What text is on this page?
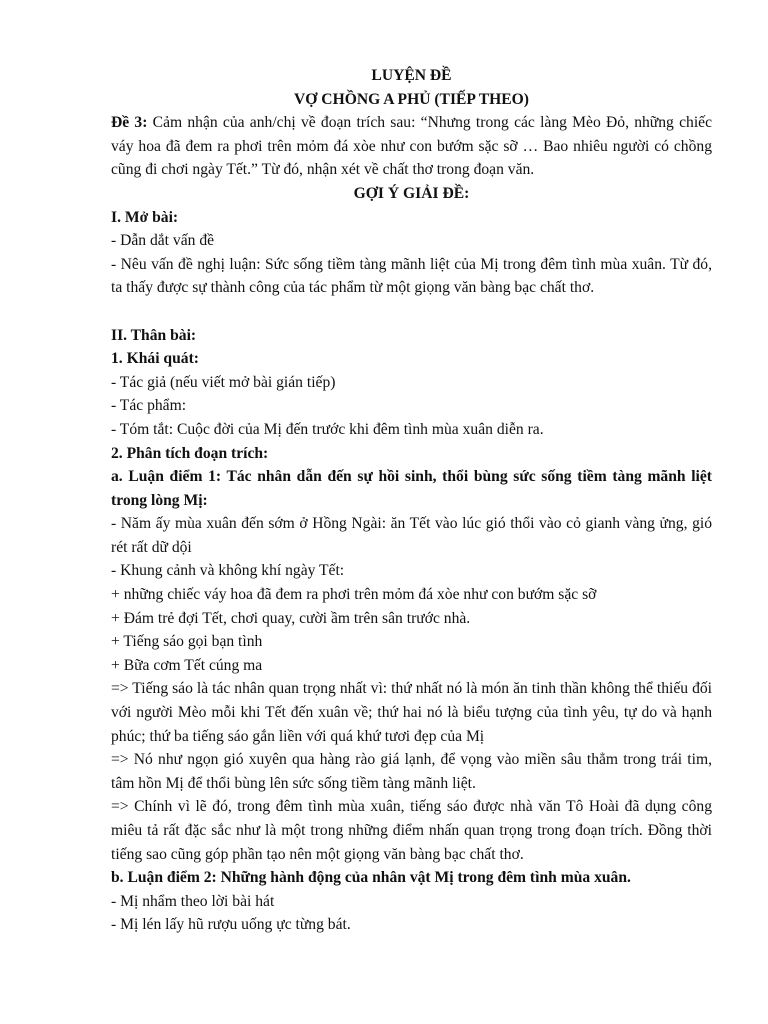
LUYỆN ĐỀ
VỢ CHỒNG A PHỦ (TIẾP THEO)

Đề 3: Cảm nhận của anh/chị về đoạn trích sau: “Nhưng trong các làng Mèo Đỏ, những chiếc váy hoa đã đem ra phơi trên mỏm đá xòe như con bướm sặc sỡ … Bao nhiêu người có chồng cũng đi chơi ngày Tết.” Từ đó, nhận xét về chất thơ trong đoạn văn.

GỢI Ý GIẢI ĐỀ:

I. Mở bài:

- Dẫn dắt vấn đề

- Nêu vấn đề nghị luận: Sức sống tiềm tàng mãnh liệt của Mị trong đêm tình mùa xuân. Từ đó, ta thấy được sự thành công của tác phẩm từ một giọng văn bàng bạc chất thơ.

II. Thân bài:

1. Khái quát:

- Tác giả (nếu viết mở bài gián tiếp)

- Tác phẩm:

- Tóm tắt: Cuộc đời của Mị đến trước khi đêm tình mùa xuân diễn ra.

2. Phân tích đoạn trích:

a. Luận điểm 1: Tác nhân dẫn đến sự hồi sinh, thổi bùng sức sống tiềm tàng mãnh liệt trong lòng Mị:

- Năm ấy mùa xuân đến sớm ở Hồng Ngài: ăn Tết vào lúc gió thổi vào cỏ gianh vàng ửng, gió rét rất dữ dội

- Khung cảnh và không khí ngày Tết:

+ những chiếc váy hoa đã đem ra phơi trên mỏm đá xòe như con bướm sặc sỡ

+ Đám trẻ đợi Tết, chơi quay, cười ầm trên sân trước nhà.

+ Tiếng sáo gọi bạn tình

+ Bữa cơm Tết cúng ma

=> Tiếng sáo là tác nhân quan trọng nhất vì: thứ nhất nó là món ăn tinh thần không thể thiếu đối với người Mèo mỗi khi Tết đến xuân về; thứ hai nó là biểu tượng của tình yêu, tự do và hạnh phúc; thứ ba tiếng sáo gắn liền với quá khứ tươi đẹp của Mị

=> Nó như ngọn gió xuyên qua hàng rào giá lạnh, để vọng vào miền sâu thẳm trong trái tim, tâm hồn Mị để thổi bùng lên sức sống tiềm tàng mãnh liệt.

=> Chính vì lẽ đó, trong đêm tình mùa xuân, tiếng sáo được nhà văn Tô Hoài đã dụng công miêu tả rất đặc sắc như là một trong những điểm nhấn quan trọng trong đoạn trích. Đồng thời tiếng sao cũng góp phần tạo nên một giọng văn bàng bạc chất thơ.

b. Luận điểm 2: Những hành động của nhân vật Mị trong đêm tình mùa xuân.

- Mị nhẩm theo lời bài hát

- Mị lén lấy hũ rượu uống ực từng bát.
